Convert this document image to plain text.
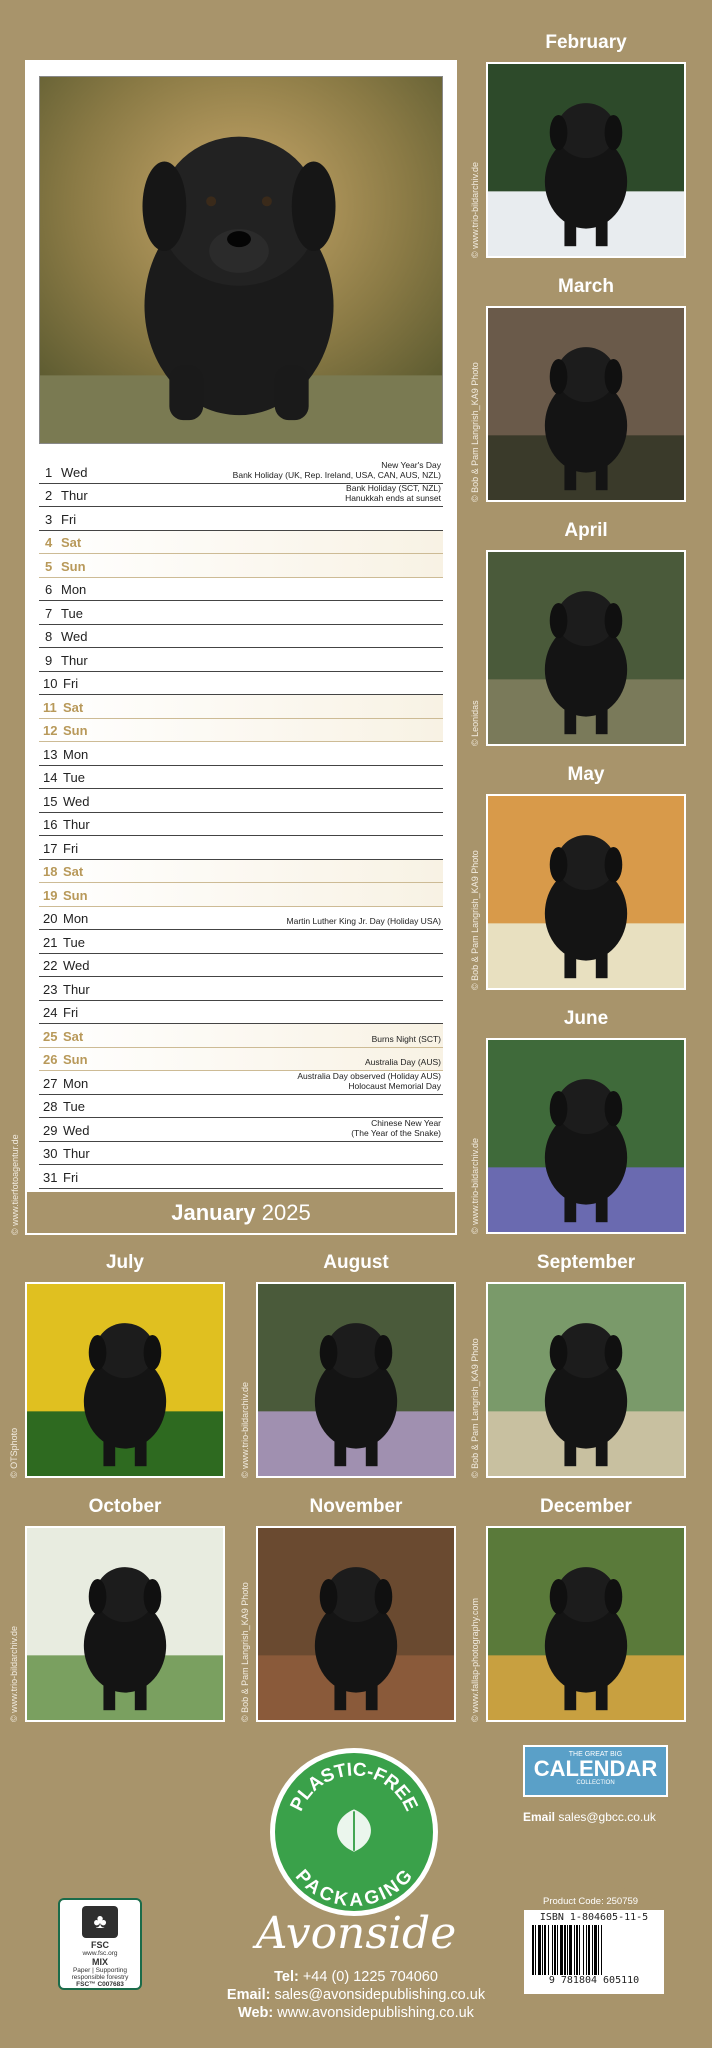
1 Wed	New Year's Day
Bank Holiday (UK, Rep. Ireland, USA, CAN, AUS, NZL)
2 Thur	Bank Holiday (SCT, NZL)
Hanukkah ends at sunset
3 Fri
4 Sat
5 Sun
6 Mon
7 Tue
8 Wed
9 Thur
10 Fri
11 Sat
12 Sun
13 Mon
14 Tue
15 Wed
16 Thur
17 Fri
18 Sat
19 Sun
20 Mon	Martin Luther King Jr. Day (Holiday USA)
21 Tue
22 Wed
23 Thur
24 Fri
25 Sat	Burns Night (SCT)
26 Sun	Australia Day (AUS)
27 Mon	Australia Day observed (Holiday AUS)
Holocaust Memorial Day
28 Tue
29 Wed	Chinese New Year
(The Year of the Snake)
30 Thur
31 Fri
January 2025
© www.tierfotoagentur.de
February
© www.trio-bildarchiv.de
March
© Bob & Pam Langrish_KA9 Photo
April
© Leonidas
May
© Bob & Pam Langrish_KA9 Photo
June
© www.trio-bildarchiv.de
July
© OTSphoto
August
© www.trio-bildarchiv.de
September
© Bob & Pam Langrish_KA9 Photo
October
© www.trio-bildarchiv.de
November
© Bob & Pam Langrish_KA9 Photo
December
© www.fallap-photography.com
PLASTIC-FREE
PACKAGING
THE GREAT BIG
CALENDAR
COLLECTION
Email sales@gbcc.co.uk
♣
FSC
www.fsc.org
MIX
Paper | Supporting responsible forestry
FSC™ C007683
Avonside
Tel: +44 (0) 1225 704060
Email: sales@avonsidepublishing.co.uk
Web: www.avonsidepublishing.co.uk
Product Code: 250759
ISBN 1-804605-11-5
9 781804 605110
